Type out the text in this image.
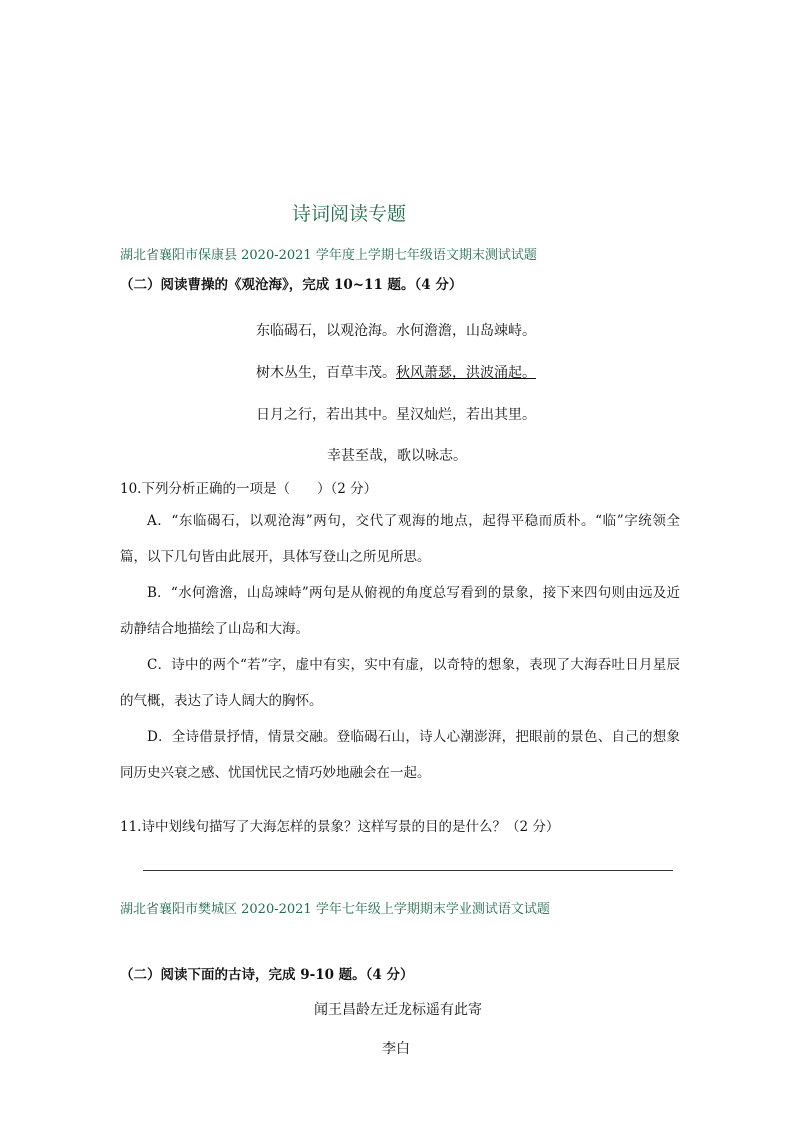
诗词阅读专题
湖北省襄阳市保康县 2020-2021 学年度上学期七年级语文期末测试试题
（二）阅读曹操的《观沧海》，完成 10~11 题。（4 分）
东临碣石，以观沧海。水何澹澹，山岛竦峙。
树木丛生，百草丰茂。秋风萧瑟，洪波涌起。
日月之行，若出其中。星汉灿烂，若出其里。
幸甚至哉，歌以咏志。
10.下列分析正确的一项是（　　）（2 分）
A．“东临碣石，以观沧海”两句，交代了观海的地点，起得平稳而质朴。“临”字统领全篇，以下几句皆由此展开，具体写登山之所见所思。
B．“水何澹澹，山岛竦峙”两句是从俯视的角度总写看到的景象，接下来四句则由远及近动静结合地描绘了山岛和大海。
C．诗中的两个“若”字，虚中有实，实中有虚，以奇特的想象，表现了大海吞吐日月星辰的气概，表达了诗人阔大的胸怀。
D．全诗借景抒情，情景交融。登临碣石山，诗人心潮澎湃，把眼前的景色、自己的想象同历史兴衰之感、忧国忧民之情巧妙地融会在一起。
11.诗中划线句描写了大海怎样的景象？这样写景的目的是什么？（2 分）
湖北省襄阳市樊城区 2020-2021 学年七年级上学期期末学业测试语文试题
（二）阅读下面的古诗，完成 9-10 题。（4 分）
闻王昌龄左迁龙标遥有此寄
李白
